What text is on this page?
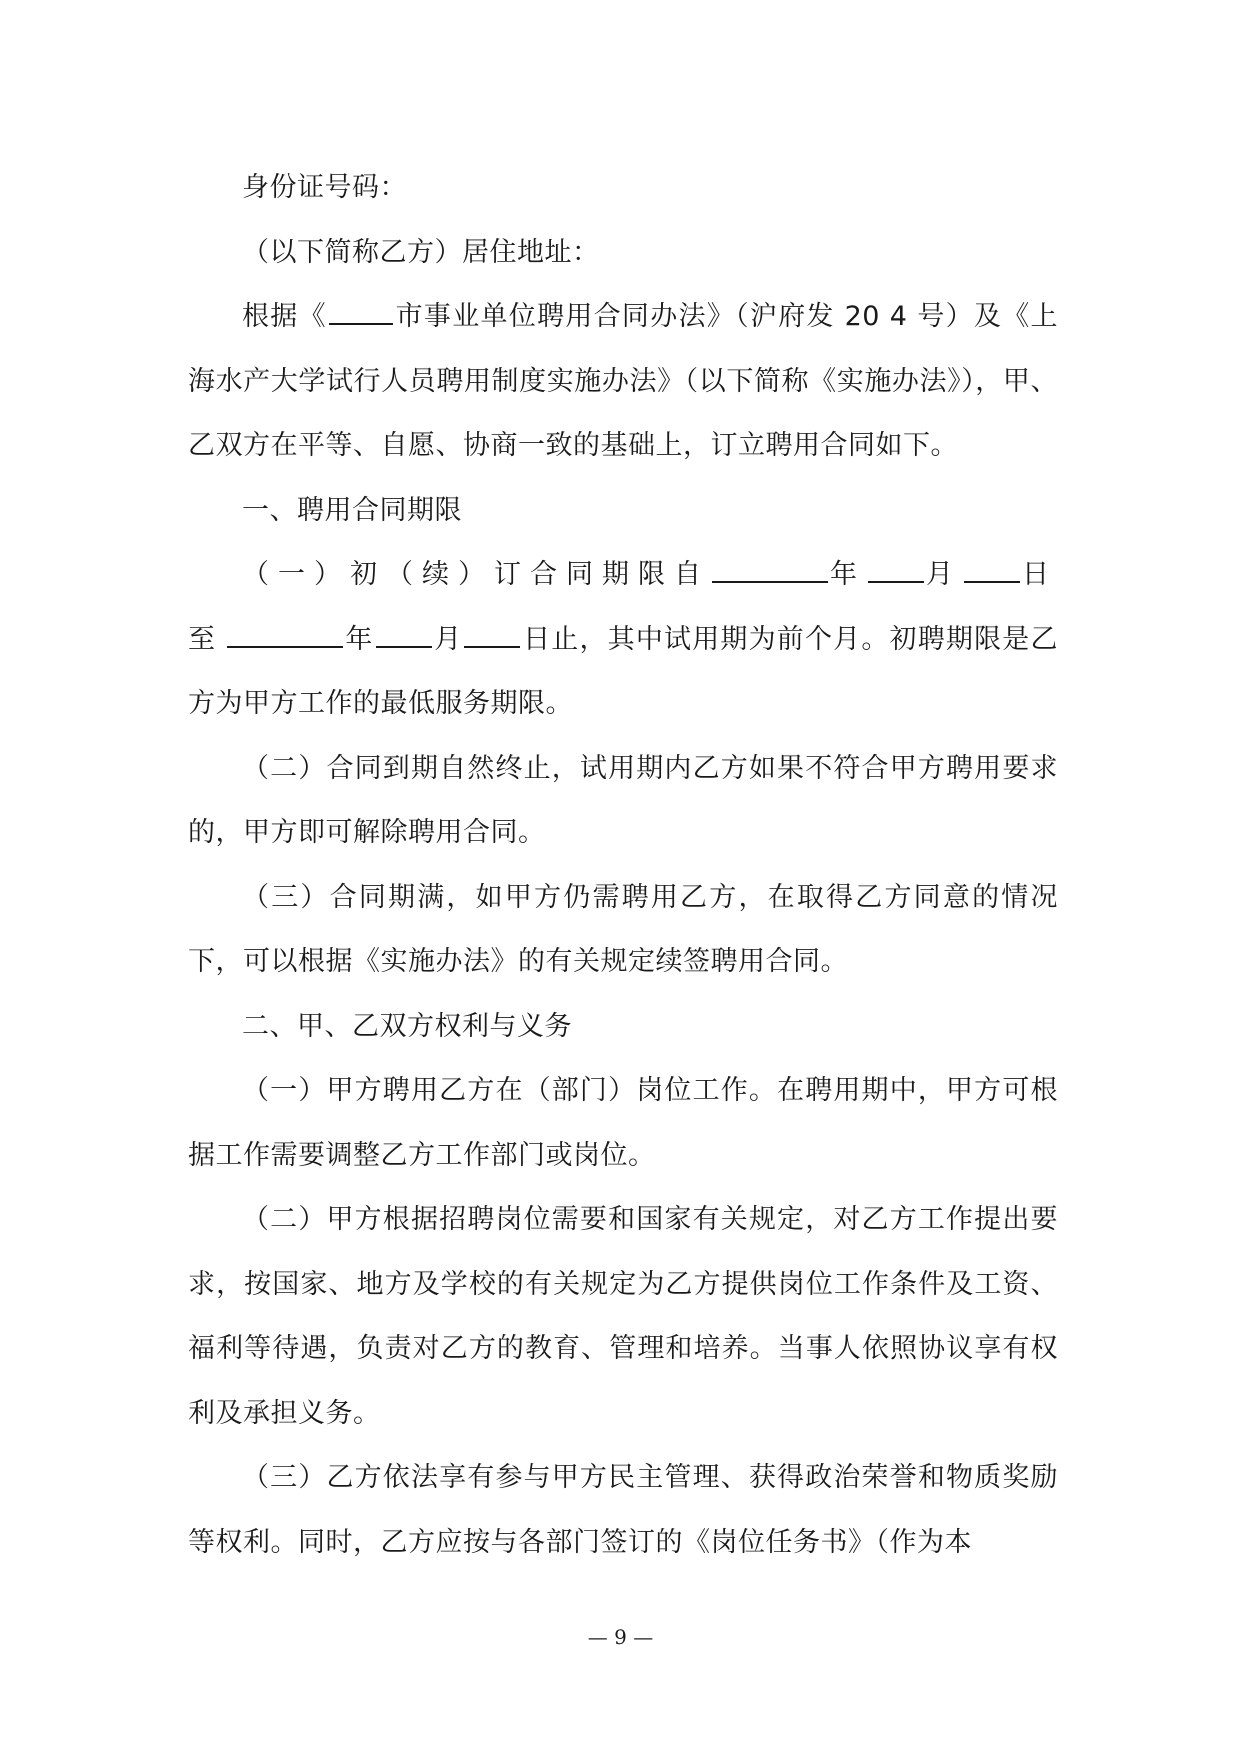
身份证号码：

（以下简称乙方）居住地址：

根据《	市事业单位聘用合同办法》（沪府发 20 4 号）及《上海水产大学试行人员聘用制度实施办法》（以下简称《实施办法》），甲、乙双方在平等、自愿、协商一致的基础上，订立聘用合同如下。

一、聘用合同期限

（一）初（续）订合同期限自	年 月 日至	年 月 日止，其中试用期为前个月。初聘期限是乙方为甲方工作的最低服务期限。

（二）合同到期自然终止，试用期内乙方如果不符合甲方聘用要求的，甲方即可解除聘用合同。

（三）合同期满，如甲方仍需聘用乙方，在取得乙方同意的情况下，可以根据《实施办法》的有关规定续签聘用合同。

二、甲、乙双方权利与义务

（一）甲方聘用乙方在（部门）岗位工作。在聘用期中，甲方可根据工作需要调整乙方工作部门或岗位。

（二）甲方根据招聘岗位需要和国家有关规定，对乙方工作提出要求，按国家、地方及学校的有关规定为乙方提供岗位工作条件及工资、福利等待遇，负责对乙方的教育、管理和培养。当事人依照协议享有权利及承担义务。

（三）乙方依法享有参与甲方民主管理、获得政治荣誉和物质奖励等权利。同时，乙方应按与各部门签订的《岗位任务书》（作为本

— 9 —
